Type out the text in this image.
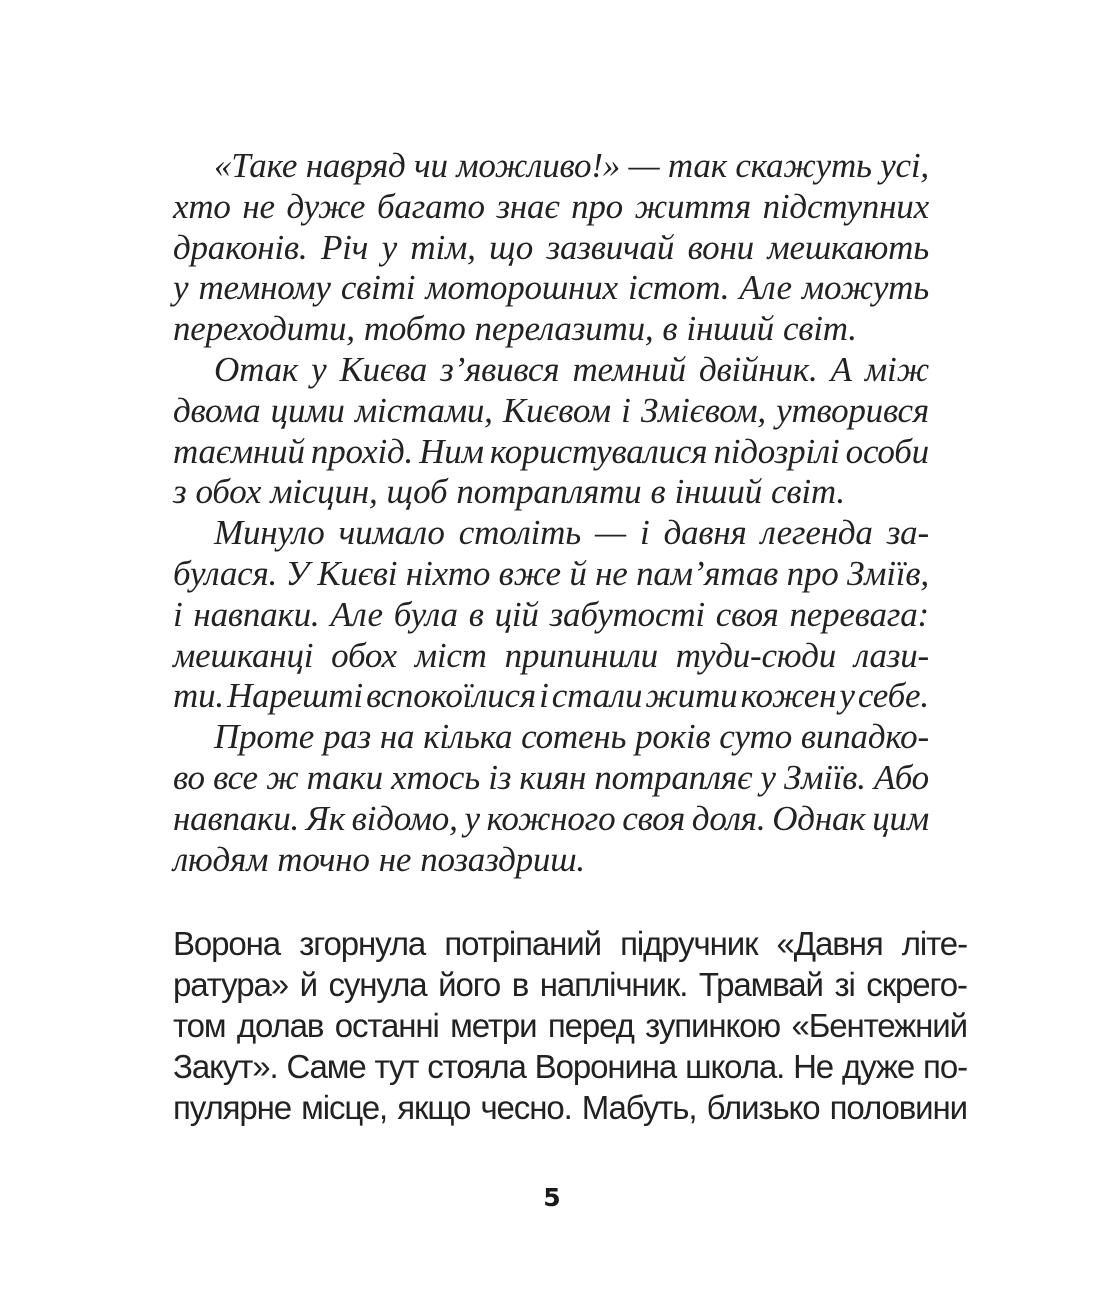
«Таке навряд чи можливо!» — так скажуть усі,
хто не дуже багато знає про життя підступних
драконів. Річ у тім, що зазвичай вони мешкають
у темному світі моторошних істот. Але можуть
переходити, тобто перелазити, в інший світ.
Отак у Києва з’явився темний двійник. А між
двома цими містами, Києвом і Змієвом, утворився
таємний прохід. Ним користувалися підозрілі особи
з обох місцин, щоб потрапляти в інший світ.
Минуло чимало століть — і давня легенда за-
булася. У Києві ніхто вже й не пам’ятав про Зміїв,
і навпаки. Але була в цій забутості своя перевага:
мешканці обох міст припинили туди-сюди лази-
ти. Нарешті вспокоїлися і стали жити кожен у себе.
Проте раз на кілька сотень років суто випадко-
во все ж таки хтось із киян потрапляє у Зміїв. Або
навпаки. Як відомо, у кожного своя доля. Однак цим
людям точно не позаздриш.
Ворона згорнула потріпаний підручник «Давня літе-
ратура» й сунула його в наплічник. Трамвай зі скрего-
том долав останні метри перед зупинкою «Бентежний
Закут». Саме тут стояла Воронина школа. Не дуже по-
пулярне місце, якщо чесно. Мабуть, близько половини
5
